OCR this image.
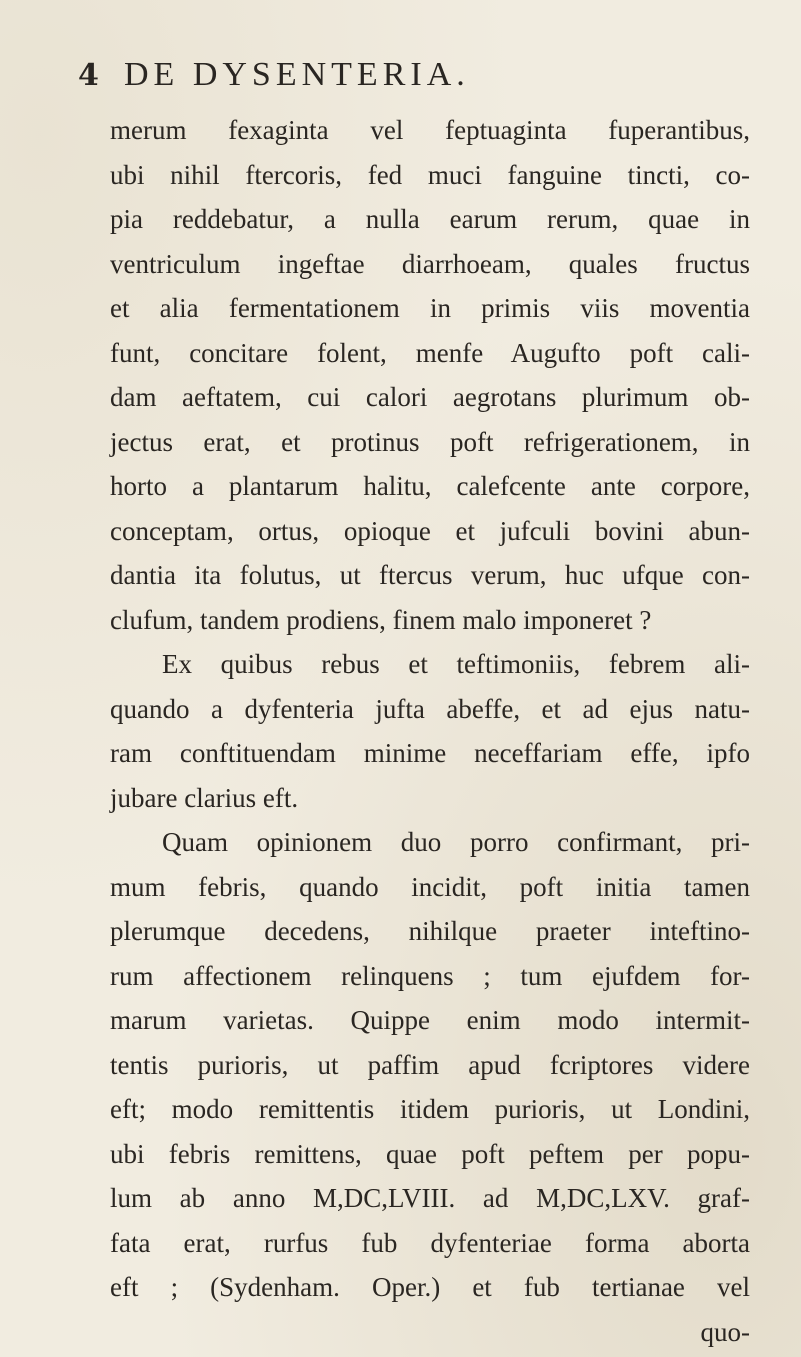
4 DE DYSENTERIA.
merum fexaginta vel feptuaginta fuperantibus,
ubi nihil ftercoris, fed muci fanguine tincti, co-
pia reddebatur, a nulla earum rerum, quae in
ventriculum ingeftae diarrhoeam, quales fructus
et alia fermentationem in primis viis moventia
funt, concitare folent, menfe Augufto poft cali-
dam aeftatem, cui calori aegrotans plurimum ob-
jectus erat, et protinus poft refrigerationem, in
horto a plantarum halitu, calefcente ante corpore,
conceptam, ortus, opioque et jufculi bovini abun-
dantia ita folutus, ut ftercus verum, huc ufque con-
clufum, tandem prodiens, finem malo imponeret ?
Ex quibus rebus et teftimoniis, febrem ali-
quando a dyfenteria jufta abeffe, et ad ejus natu-
ram conftituendam minime neceffariam effe, ipfo
jubare clarius eft.
Quam opinionem duo porro confirmant, pri-
mum febris, quando incidit, poft initia tamen
plerumque decedens, nihilque praeter inteftino-
rum affectionem relinquens ; tum ejufdem for-
marum varietas. Quippe enim modo intermit-
tentis purioris, ut paffim apud fcriptores videre
eft; modo remittentis itidem purioris, ut Londini,
ubi febris remittens, quae poft peftem per popu-
lum ab anno M,DC,LVIII. ad M,DC,LXV. graf-
fata erat, rurfus fub dyfenteriae forma aborta
eft ; (Sydenham. Oper.) et fub tertianae vel
quo-
